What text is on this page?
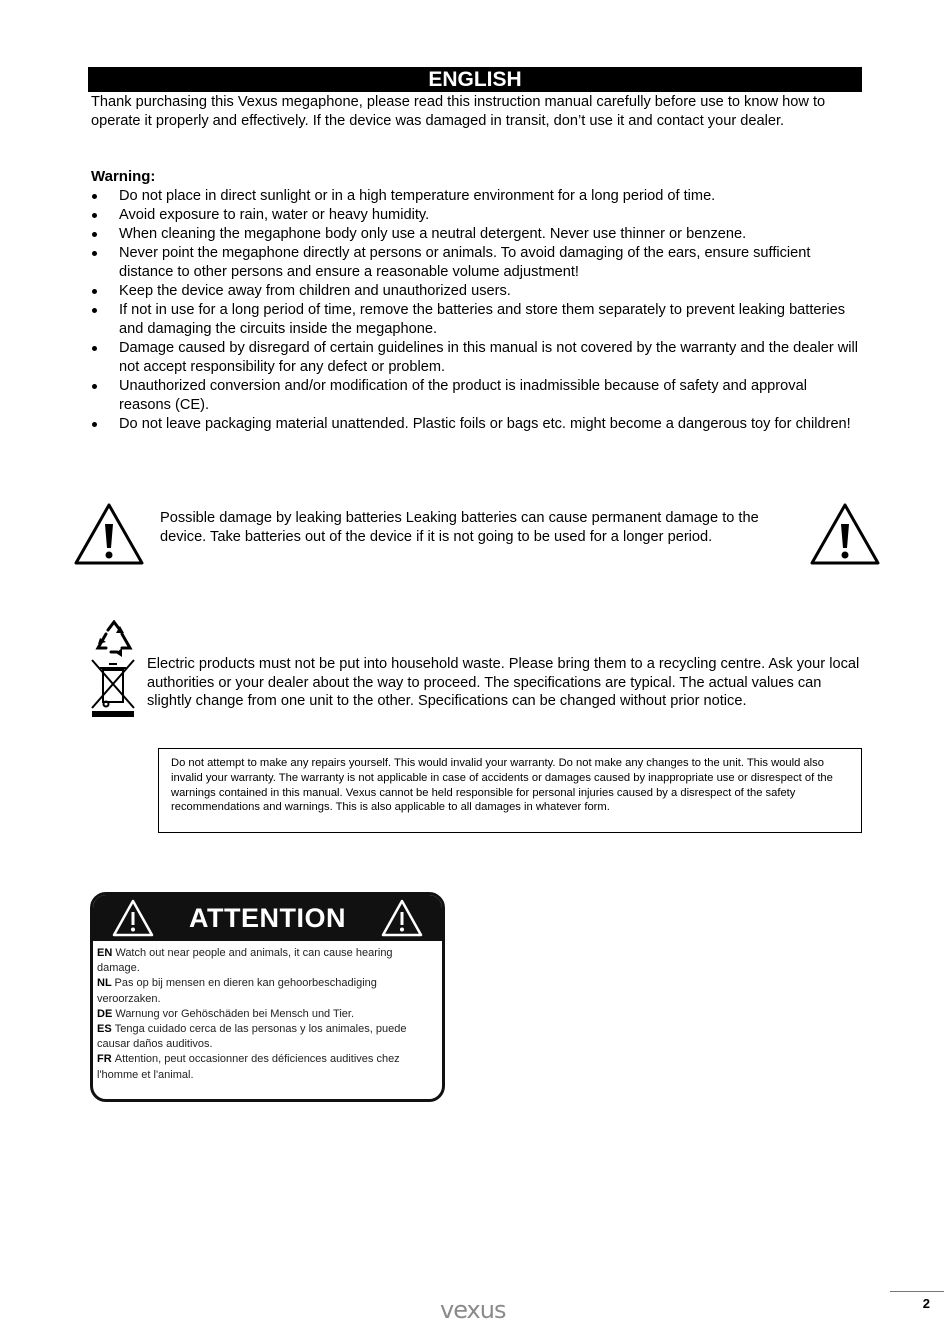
ENGLISH
Thank purchasing this Vexus megaphone, please read this instruction manual carefully before use to know how to operate it properly and effectively. If the device was damaged in transit, don’t use it and contact your dealer.
Warning:
Do not place in direct sunlight or in a high temperature environment for a long period of time.
Avoid exposure to rain, water or heavy humidity.
When cleaning the megaphone body only use a neutral detergent. Never use thinner or benzene.
Never point the megaphone directly at persons or animals. To avoid damaging of the ears, ensure sufficient distance to other persons and ensure a reasonable volume adjustment!
Keep the device away from children and unauthorized users.
If not in use for a long period of time, remove the batteries and store them separately to prevent leaking batteries and damaging the circuits inside the megaphone.
Damage caused by disregard of certain guidelines in this manual is not covered by the warranty and the dealer will not accept responsibility for any defect or problem.
Unauthorized conversion and/or modification of the product is inadmissible because of safety and approval reasons (CE).
Do not leave packaging material unattended. Plastic foils or bags etc. might become a dangerous toy for children!
Possible damage by leaking batteries Leaking batteries can cause permanent damage to the device. Take batteries out of the device if it is not going to be used for a longer period.
Electric products must not be put into household waste. Please bring them to a recycling centre. Ask your local authorities or your dealer about the way to proceed. The specifications are typical. The actual values can slightly change from one unit to the other. Specifications can be changed without prior notice.
Do not attempt to make any repairs yourself. This would invalid your warranty. Do not make any changes to the unit. This would also invalid your warranty. The warranty is not applicable in case of accidents or damages caused by inappropriate use or disrespect of the warnings contained in this manual. Vexus cannot be held responsible for personal injuries caused by a disrespect of the safety recommendations and warnings. This is also applicable to all damages in whatever form.
ATTENTION
EN Watch out near people and animals, it can cause hearing damage.
NL Pas op bij mensen en dieren kan gehoorbeschadiging veroorzaken.
DE Warnung vor Gehöschäden bei Mensch und Tier.
ES Tenga cuidado cerca de las personas y los animales, puede causar daños auditivos.
FR Attention, peut occasionner des déficiences auditives chez l'homme et l'animal.
vexus	2
